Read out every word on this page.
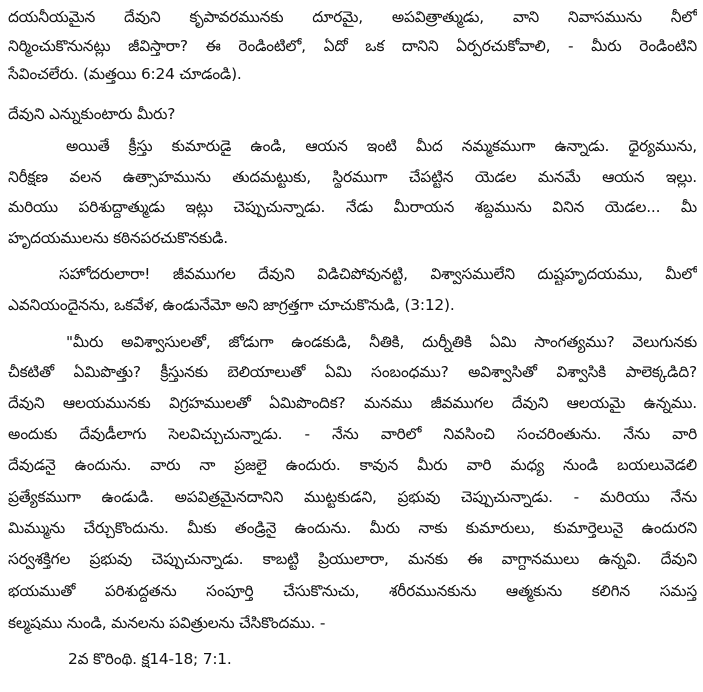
దయనీయమైన దేవుని కృపావరమునకు దూరమై, అపవిత్రాత్ముడు, వాని నివాసమును నీలో
నిర్మించుకొనునట్లు జీవిస్తారా? ఈ రెండింటిలో, ఏదో ఒక దానిని ఏర్పరచుకోవాలి, - మీరు రెండింటిని
సేవించలేరు. (మత్తయి 6:24 చూడండి).
దేవుని ఎన్నుకుంటారు మీరు?
అయితే క్రీస్తు కుమారుడై ఉండి, ఆయన ఇంటి మీద నమ్మకముగా ఉన్నాడు. ధైర్యమును,
నిరీక్షణ వలన ఉత్సాహమును తుదమట్టుకు, స్థిరముగా చేపట్టిన యెడల మనమే ఆయన ఇల్లు.
మరియు పరిశుద్ధాత్ముడు ఇట్లు చెప్పుచున్నాడు. నేడు మీరాయన శబ్దమును వినిన యెడల... మీ
హృదయములను కఠినపరచుకొనకుడి.
సహోదరులారా! జీవముగల దేవుని విడిచిపోవునట్టి, విశ్వాసములేని దుష్టహృదయము, మీలో
ఎవనియందైనను, ఒకవేళ, ఉండునేమో అని జాగ్రత్తగా చూచుకొనుడి, (3:12).
"మీరు అవిశ్వాసులతో, జోడుగా ఉండకుడి, నీతికి, దుర్నీతికి ఏమి సాంగత్యము? వెలుగునకు
చీకటితో ఏమిపొత్తు? క్రీస్తునకు బెలియాలుతో ఏమి సంబంధము? అవిశ్వాసితో విశ్వాసికి పాలెక్కడిది?
దేవుని ఆలయమునకు విగ్రహములతో ఏమిపొందిక? మనము జీవముగల దేవుని ఆలయమై ఉన్నము.
అందుకు దేవుడీలాగు సెలవిచ్చుచున్నాడు. - నేను వారిలో నివసించి సంచరింతును. నేను వారి
దేవుడనై ఉందును. వారు నా ప్రజలై ఉందురు. కావున మీరు వారి మధ్య నుండి బయలువెడలి
ప్రత్యేకముగా ఉండుడి. అపవిత్రమైనదానిని ముట్టకుడని, ప్రభువు చెప్పుచున్నాడు. - మరియు నేను
మిమ్మును చేర్చుకొందును. మీకు తండ్రినై ఉందును. మీరు నాకు కుమారులు, కుమార్తెలునై ఉందురని
సర్వశక్తిగల ప్రభువు చెప్పుచున్నాడు. కాబట్టి ప్రియులారా, మనకు ఈ వాగ్దానములు ఉన్నవి. దేవుని
భయముతో పరిశుద్ధతను సంపూర్తి చేసుకొనుచు, శరీరమునకును ఆత్మకును కలిగిన సమస్త
కల్మషము నుండి, మనలను పవిత్రులను చేసికొందము. -
2వ కొరింథి. క్ష14-18; 7:1.
